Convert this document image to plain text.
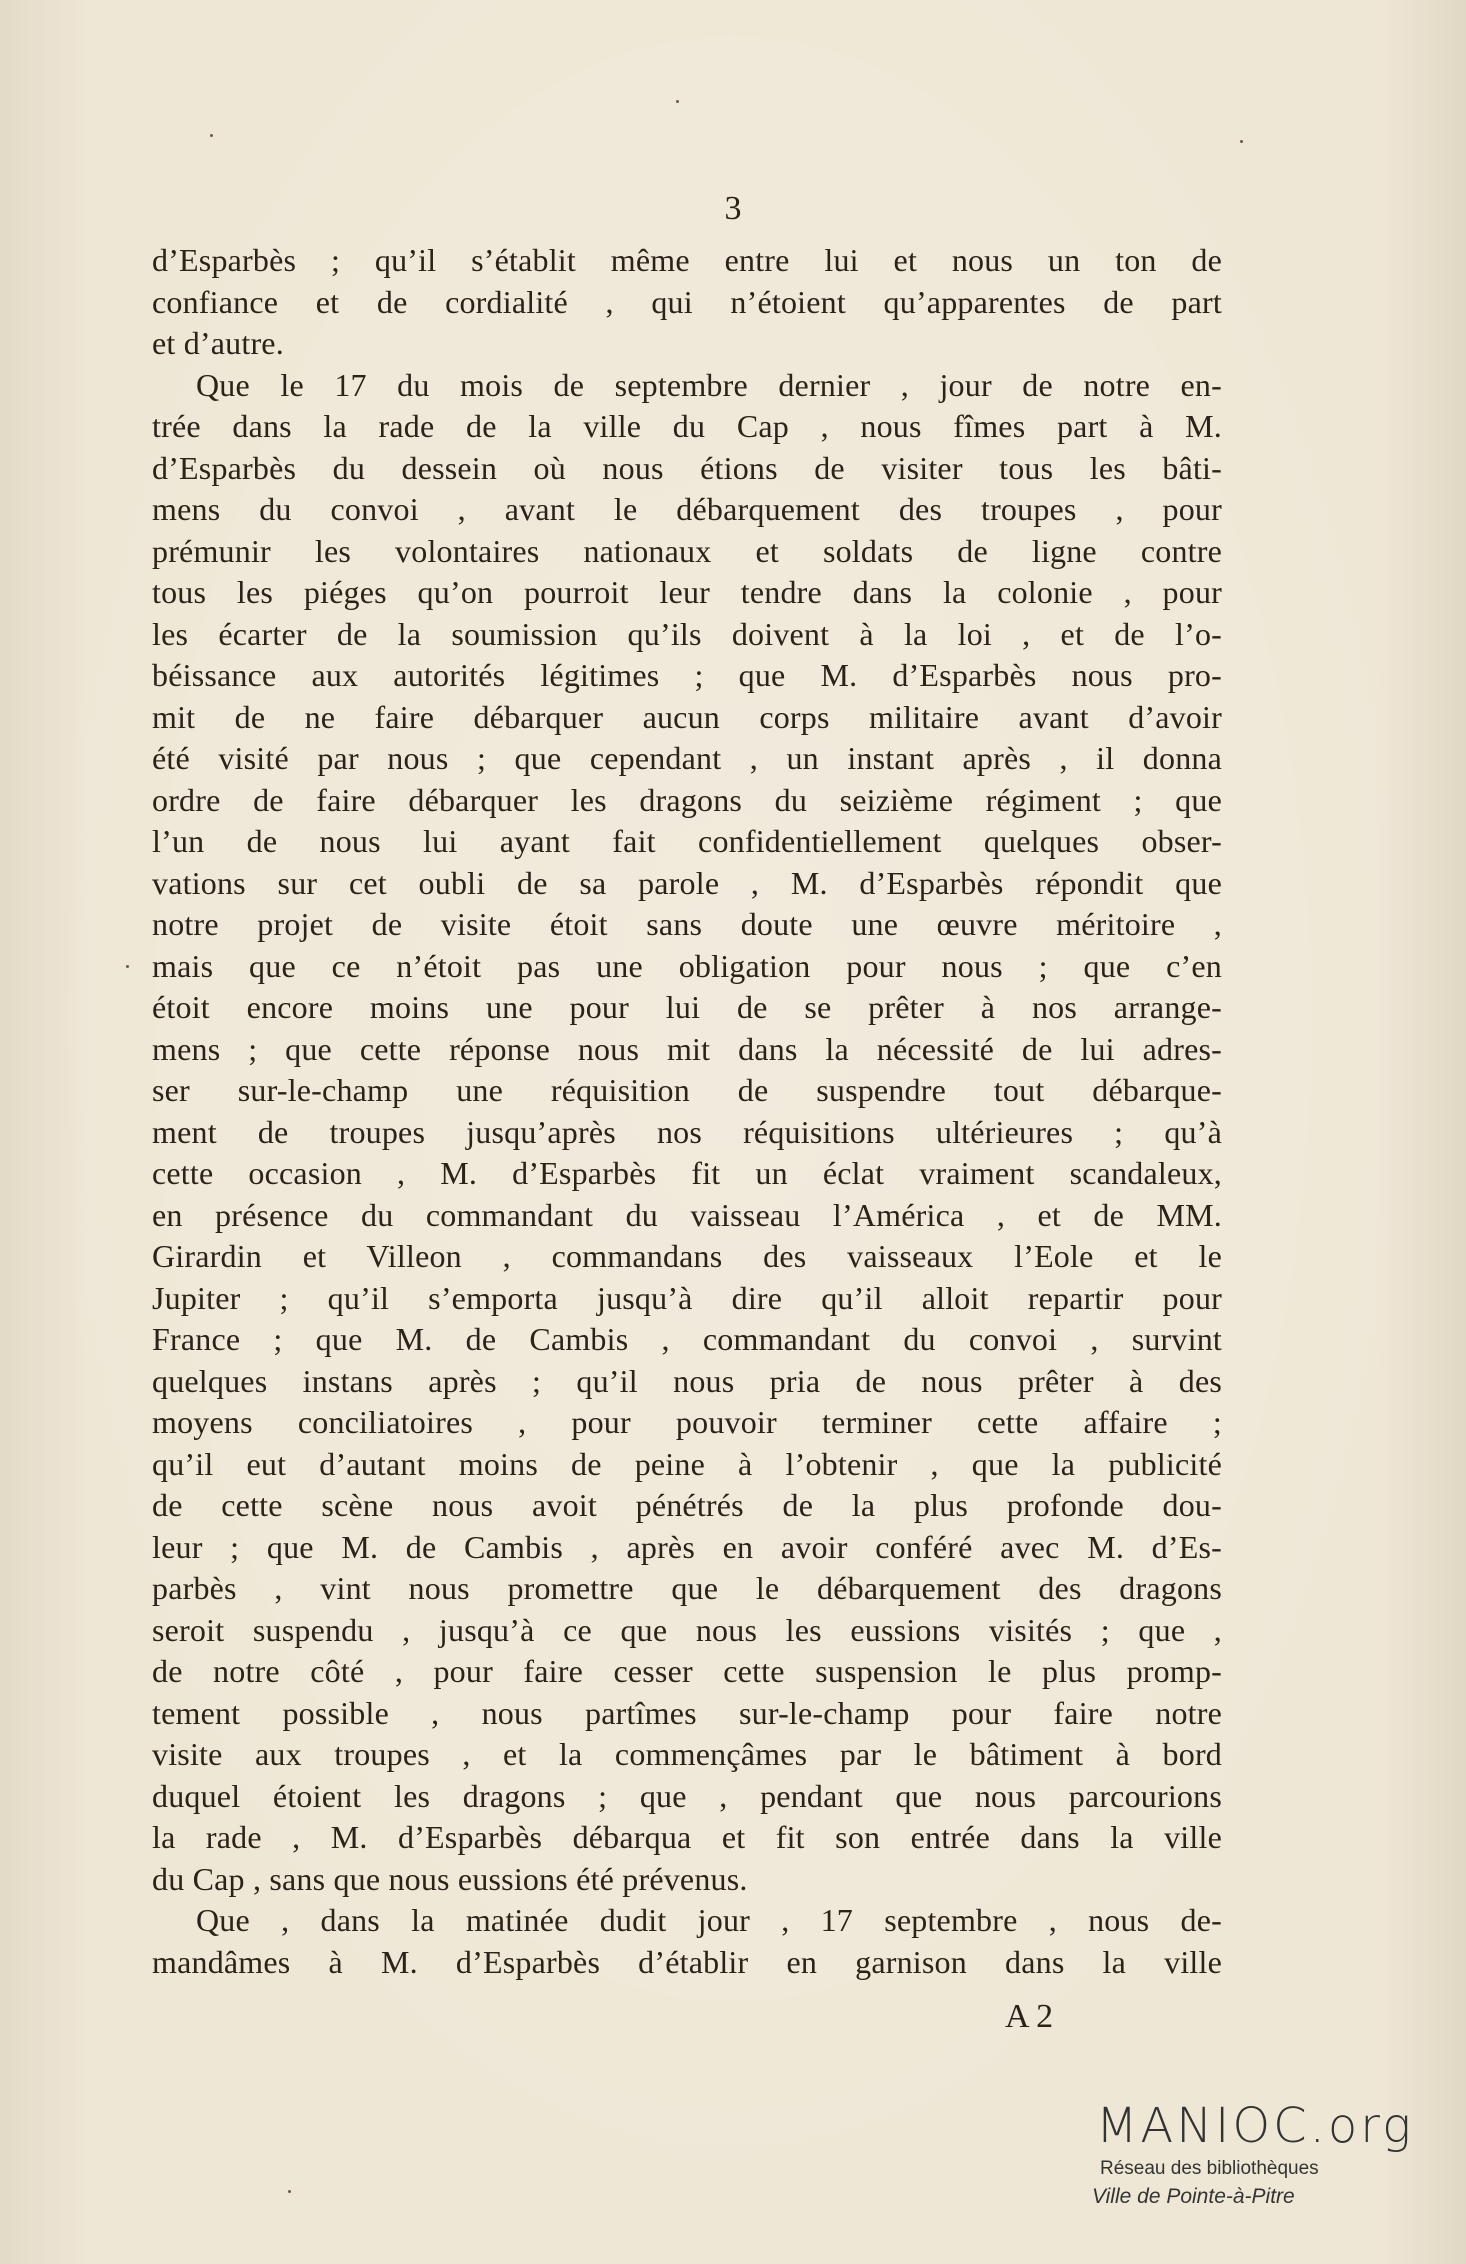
3
d’Esparbès ; qu’il s’établit même entre lui et nous un ton de
confiance et de cordialité , qui n’étoient qu’apparentes de part
et d’autre.
Que le 17 du mois de septembre dernier , jour de notre en-
trée dans la rade de la ville du Cap , nous fîmes part à M.
d’Esparbès du dessein où nous étions de visiter tous les bâti-
mens du convoi , avant le débarquement des troupes , pour
prémunir les volontaires nationaux et soldats de ligne contre
tous les piéges qu’on pourroit leur tendre dans la colonie , pour
les écarter de la soumission qu’ils doivent à la loi , et de l’o-
béissance aux autorités légitimes ; que M. d’Esparbès nous pro-
mit de ne faire débarquer aucun corps militaire avant d’avoir
été visité par nous ; que cependant , un instant après , il donna
ordre de faire débarquer les dragons du seizième régiment ; que
l’un de nous lui ayant fait confidentiellement quelques obser-
vations sur cet oubli de sa parole , M. d’Esparbès répondit que
notre projet de visite étoit sans doute une œuvre méritoire ,
mais que ce n’étoit pas une obligation pour nous ; que c’en
étoit encore moins une pour lui de se prêter à nos arrange-
mens ; que cette réponse nous mit dans la nécessité de lui adres-
ser sur-le-champ une réquisition de suspendre tout débarque-
ment de troupes jusqu’après nos réquisitions ultérieures ; qu’à
cette occasion , M. d’Esparbès fit un éclat vraiment scandaleux,
en présence du commandant du vaisseau l’América , et de MM.
Girardin et Villeon , commandans des vaisseaux l’Eole et le
Jupiter ; qu’il s’emporta jusqu’à dire qu’il alloit repartir pour
France ; que M. de Cambis , commandant du convoi , survint
quelques instans après ; qu’il nous pria de nous prêter à des
moyens conciliatoires , pour pouvoir terminer cette affaire ;
qu’il eut d’autant moins de peine à l’obtenir , que la publicité
de cette scène nous avoit pénétrés de la plus profonde dou-
leur ; que M. de Cambis , après en avoir conféré avec M. d’Es-
parbès , vint nous promettre que le débarquement des dragons
seroit suspendu , jusqu’à ce que nous les eussions visités ; que ,
de notre côté , pour faire cesser cette suspension le plus promp-
tement possible , nous partîmes sur-le-champ pour faire notre
visite aux troupes , et la commençâmes par le bâtiment à bord
duquel étoient les dragons ; que , pendant que nous parcourions
la rade , M. d’Esparbès débarqua et fit son entrée dans la ville
du Cap , sans que nous eussions été prévenus.
Que , dans la matinée dudit jour , 17 septembre , nous de-
mandâmes à M. d’Esparbès d’établir en garnison dans la ville
A 2
MANIOC.org
Réseau des bibliothèques
Ville de Pointe-à-Pitre
